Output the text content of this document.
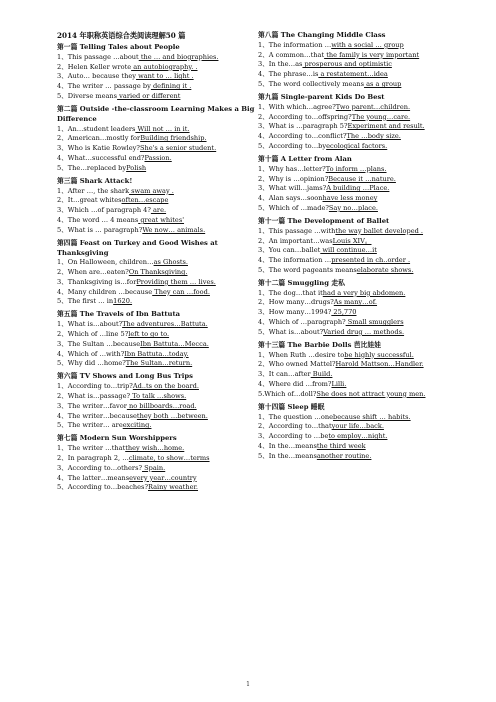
2014 年职称英语综合类阅读理解50 篇
第一篇 Telling Tales about People
1、This passage …about the … and biographies.
2、Helen Keller wrote an autobiography. .
3、Auto… because they want to … light .
4、The writer … passage by defining it .
5、Diverse means varied or different
第二篇 Outside -the-classroom Learning Makes a Big Difference
1、An…student leaders Will not … in it.
2、American…mostly forBuilding friendship.
3、Who is Katie Rowley?She's a senior student.
4、What…successful end?Passion.
5、The…replaced byPolish
第三篇 Shark Attack!
1、After …, the shark swam away .
2、It…great whitesoften…escape
3、Which …of paragraph 4? are.
4、The word … 4 means great whites'
5、What is … paragraph?We now… animals.
第四篇 Feast on Turkey and Good Wishes at Thanksgiving
1、On Halloween, children…as Ghosts.
2、When are…eaten?On Thanksgiving.
3、Thanksgiving is…forProviding them … lives.
4、Many children …because They can …food.
5、The first … in1620.
第五篇 The Travels of Ibn Battuta
1、What is…about?The adventures…Battuta.
2、Which of …line 5?left to go to.
3、The Sultan …becauseIbn Battuta…Mecca.
4、Which of …with?Ibn Battuta…today.
5、Why did …home?The Sultan…return.
第六篇 TV Shows and Long Bus Trips
1、According to…trip?Ad..ts on the board.
2、What is…passage? To talk …shows.
3、The writer…favor no billboards…road.
4、The writer…becausethey both …between.
5、The writer… areexciting.
第七篇 Modern Sun Worshippers
1、The writer …thatthey wish…home.
2、In paragraph 2, …climate, to show…terms
3、According to…others? Spain.
4、The latter…meansevery year…country
5、According to…beaches?Rainy weather.
第八篇 The Changing Middle Class
1、The information …with a social … group
2、A common…that the family is very important
3、In the…as prosperous and optimistic
4、The phrase…is a restatement…idea
5、The word collectively means as a group
第九篇 Single-parent Kids Do Best
1、With which…agree?Two parent…children.
2、According to…offspring?The young…care.
3、What is …paragraph 5?Experiment and result.
4、According to…conflict?The …body size.
5、According to…byecological factors.
第十篇 A Letter from Alan
1、Why has…letter?To inform …plans.
2、Why is …opinion?Because it …nature.
3、What will…jams?A building …Place.
4、Alan says…soonhave less money
5、Which of …made?Say no…place.
第十一篇 The Development of Ballet
1、This passage …withthe way ballet developed .
2、An important…wasLouis XIV。
3、You can…ballet will continue…it
4、The information …presented in ch..order .
5、The word pageants meanselaborate shows.
第十二篇 Smuggling 走私
1、The dog…that ithad a very big abdomen.
2、How many…drugs?As many…of.
3、How many…1994? 25,770
4、Which of …paragraph? Small smugglers
5、What is…about?Varied drug … methods.
第十三篇 The Barbie Dolls 芭比娃娃
1、When Ruth …desire tobe highly successful.
2、Who owned Mattel?Harold Mattson…Handler.
3、It can…after Build.
4、Where did …from?Lilli.
5.Which of…doll?She does not attract young men.
第十四篇 Sleep 睡眠
1、The question …onebecause shift … habits.
2、According to…thatyour life…back.
3、According to …beto employ…night.
4、In the…meansthe third week
5、In the…meansanother routine.
1
